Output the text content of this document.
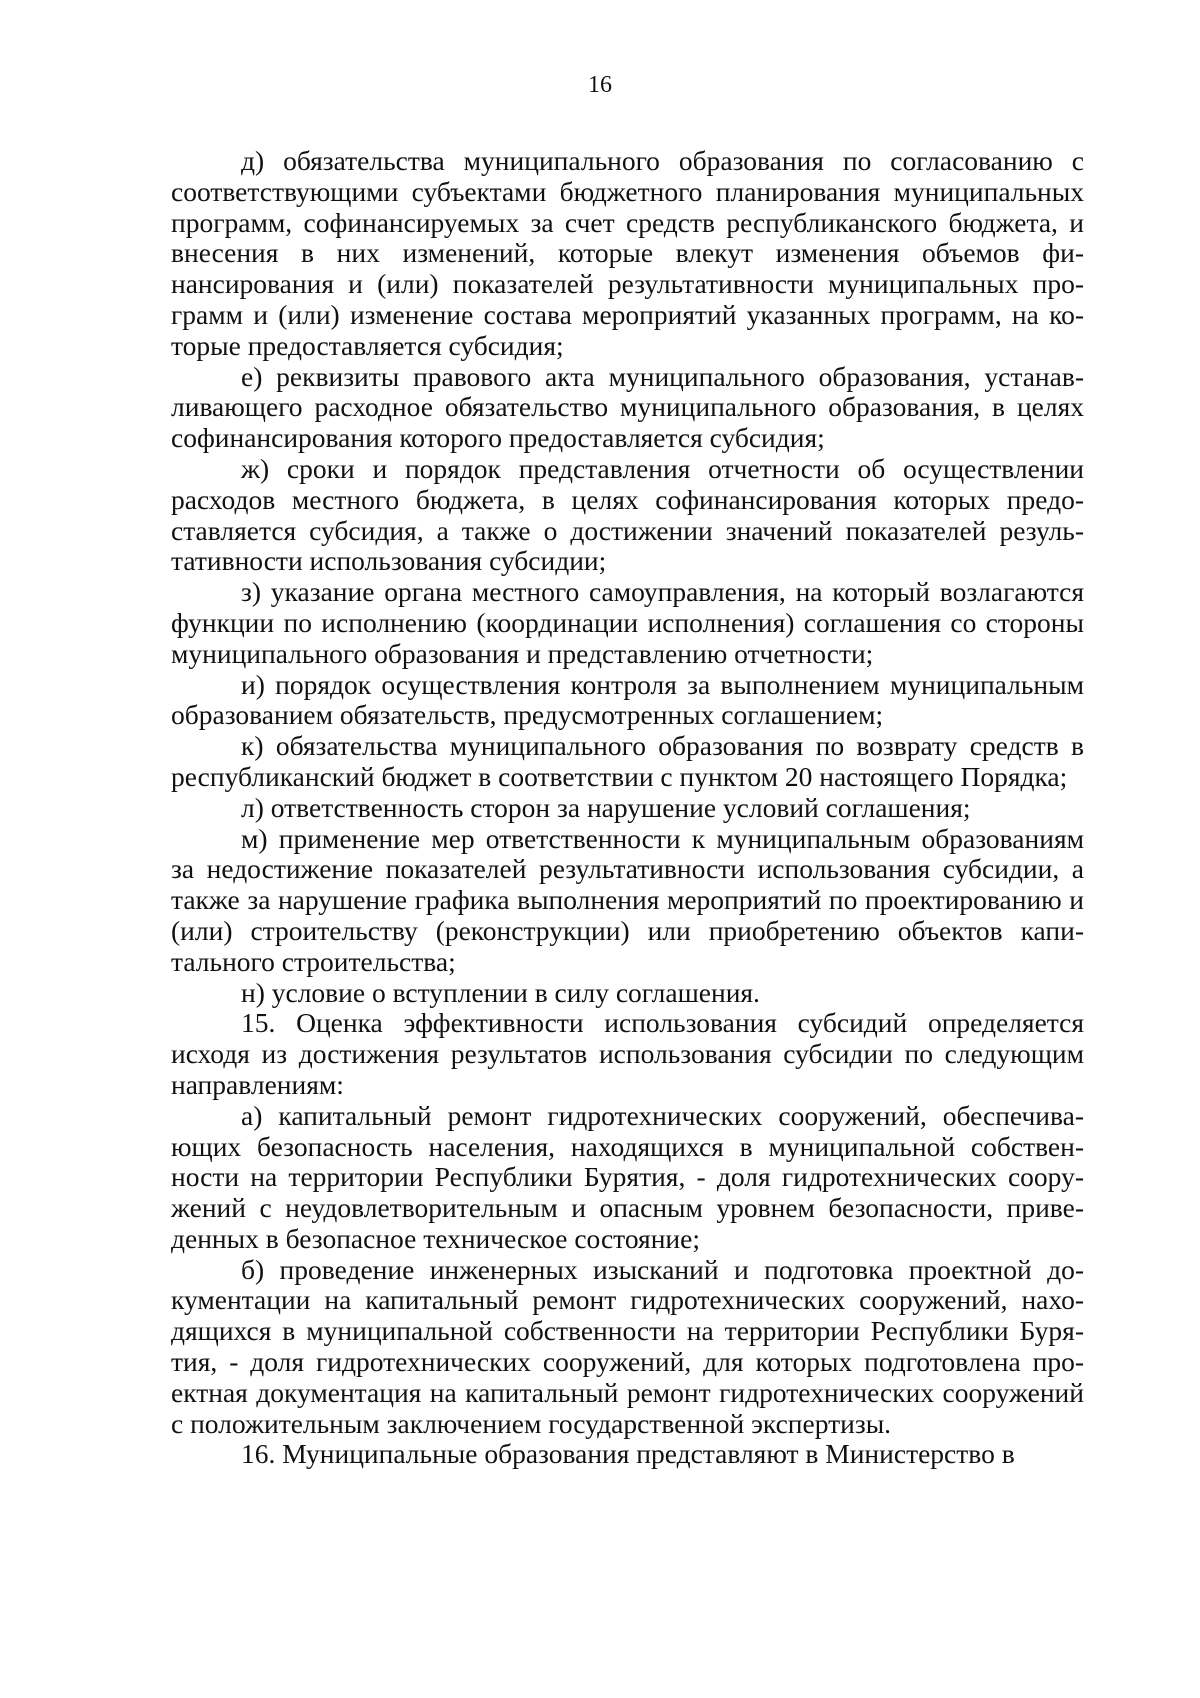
16

д) обязательства муниципального образования по согласованию с соответствующими субъектами бюджетного планирования муниципальных программ, софинансируемых за счет средств республиканского бюджета, и внесения в них изменений, которые влекут изменения объемов финансирования и (или) показателей результативности муниципальных программ и (или) изменение состава мероприятий указанных программ, на которые предоставляется субсидия;

е) реквизиты правового акта муниципального образования, устанавливающего расходное обязательство муниципального образования, в целях софинансирования которого предоставляется субсидия;

ж) сроки и порядок представления отчетности об осуществлении расходов местного бюджета, в целях софинансирования которых предоставляется субсидия, а также о достижении значений показателей результативности использования субсидии;

з) указание органа местного самоуправления, на который возлагаются функции по исполнению (координации исполнения) соглашения со стороны муниципального образования и представлению отчетности;

и) порядок осуществления контроля за выполнением муниципальным образованием обязательств, предусмотренных соглашением;

к) обязательства муниципального образования по возврату средств в республиканский бюджет в соответствии с пунктом 20 настоящего Порядка;

л) ответственность сторон за нарушение условий соглашения;

м) применение мер ответственности к муниципальным образованиям за недостижение показателей результативности использования субсидии, а также за нарушение графика выполнения мероприятий по проектированию и (или) строительству (реконструкции) или приобретению объектов капитального строительства;

н) условие о вступлении в силу соглашения.

15. Оценка эффективности использования субсидий определяется исходя из достижения результатов использования субсидии по следующим направлениям:

а) капитальный ремонт гидротехнических сооружений, обеспечивающих безопасность населения, находящихся в муниципальной собственности на территории Республики Бурятия, - доля гидротехнических сооружений с неудовлетворительным и опасным уровнем безопасности, приведенных в безопасное техническое состояние;

б) проведение инженерных изысканий и подготовка проектной документации на капитальный ремонт гидротехнических сооружений, находящихся в муниципальной собственности на территории Республики Бурятия, - доля гидротехнических сооружений, для которых подготовлена проектная документация на капитальный ремонт гидротехнических сооружений с положительным заключением государственной экспертизы.

16. Муниципальные образования представляют в Министерство в
